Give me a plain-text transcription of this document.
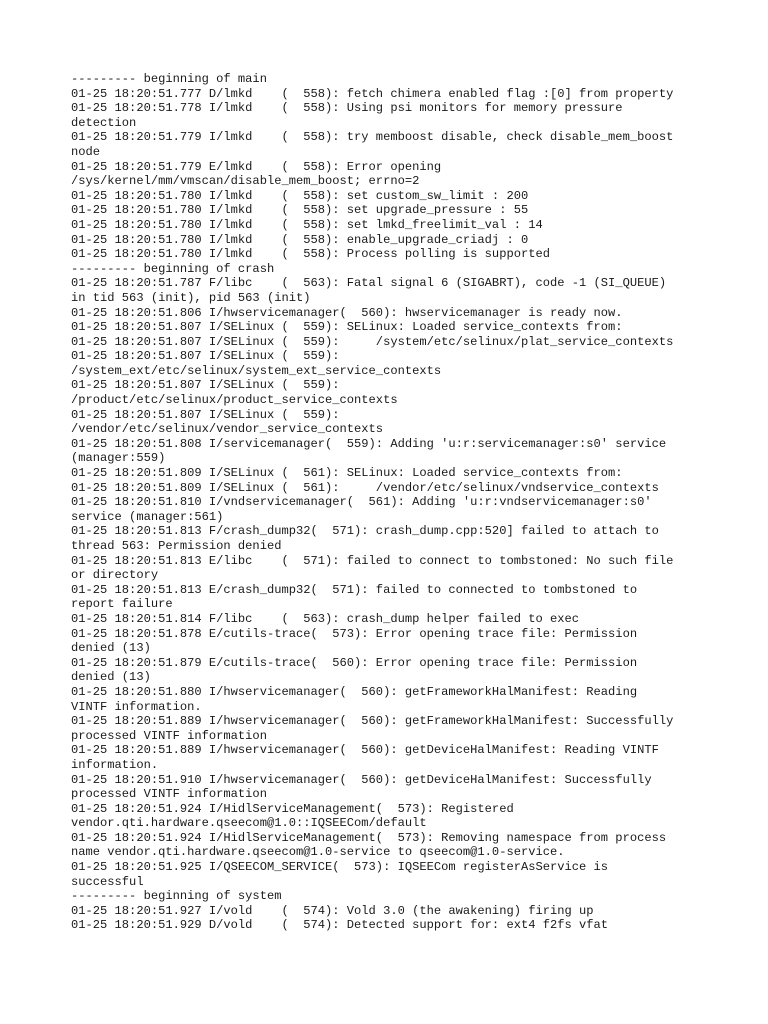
--------- beginning of main
01-25 18:20:51.777 D/lmkd    (  558): fetch chimera enabled flag :[0] from property
01-25 18:20:51.778 I/lmkd    (  558): Using psi monitors for memory pressure
detection
01-25 18:20:51.779 I/lmkd    (  558): try memboost disable, check disable_mem_boost
node
01-25 18:20:51.779 E/lmkd    (  558): Error opening
/sys/kernel/mm/vmscan/disable_mem_boost; errno=2
01-25 18:20:51.780 I/lmkd    (  558): set custom_sw_limit : 200
01-25 18:20:51.780 I/lmkd    (  558): set upgrade_pressure : 55
01-25 18:20:51.780 I/lmkd    (  558): set lmkd_freelimit_val : 14
01-25 18:20:51.780 I/lmkd    (  558): enable_upgrade_criadj : 0
01-25 18:20:51.780 I/lmkd    (  558): Process polling is supported
--------- beginning of crash
01-25 18:20:51.787 F/libc    (  563): Fatal signal 6 (SIGABRT), code -1 (SI_QUEUE)
in tid 563 (init), pid 563 (init)
01-25 18:20:51.806 I/hwservicemanager(  560): hwservicemanager is ready now.
01-25 18:20:51.807 I/SELinux (  559): SELinux: Loaded service_contexts from:
01-25 18:20:51.807 I/SELinux (  559):     /system/etc/selinux/plat_service_contexts
01-25 18:20:51.807 I/SELinux (  559):
/system_ext/etc/selinux/system_ext_service_contexts
01-25 18:20:51.807 I/SELinux (  559):
/product/etc/selinux/product_service_contexts
01-25 18:20:51.807 I/SELinux (  559):
/vendor/etc/selinux/vendor_service_contexts
01-25 18:20:51.808 I/servicemanager(  559): Adding 'u:r:servicemanager:s0' service
(manager:559)
01-25 18:20:51.809 I/SELinux (  561): SELinux: Loaded service_contexts from:
01-25 18:20:51.809 I/SELinux (  561):     /vendor/etc/selinux/vndservice_contexts
01-25 18:20:51.810 I/vndservicemanager(  561): Adding 'u:r:vndservicemanager:s0'
service (manager:561)
01-25 18:20:51.813 F/crash_dump32(  571): crash_dump.cpp:520] failed to attach to
thread 563: Permission denied
01-25 18:20:51.813 E/libc    (  571): failed to connect to tombstoned: No such file
or directory
01-25 18:20:51.813 E/crash_dump32(  571): failed to connected to tombstoned to
report failure
01-25 18:20:51.814 F/libc    (  563): crash_dump helper failed to exec
01-25 18:20:51.878 E/cutils-trace(  573): Error opening trace file: Permission
denied (13)
01-25 18:20:51.879 E/cutils-trace(  560): Error opening trace file: Permission
denied (13)
01-25 18:20:51.880 I/hwservicemanager(  560): getFrameworkHalManifest: Reading
VINTF information.
01-25 18:20:51.889 I/hwservicemanager(  560): getFrameworkHalManifest: Successfully
processed VINTF information
01-25 18:20:51.889 I/hwservicemanager(  560): getDeviceHalManifest: Reading VINTF
information.
01-25 18:20:51.910 I/hwservicemanager(  560): getDeviceHalManifest: Successfully
processed VINTF information
01-25 18:20:51.924 I/HidlServiceManagement(  573): Registered
vendor.qti.hardware.qseecom@1.0::IQSEECom/default
01-25 18:20:51.924 I/HidlServiceManagement(  573): Removing namespace from process
name vendor.qti.hardware.qseecom@1.0-service to qseecom@1.0-service.
01-25 18:20:51.925 I/QSEECOM_SERVICE(  573): IQSEECom registerAsService is
successful
--------- beginning of system
01-25 18:20:51.927 I/vold    (  574): Vold 3.0 (the awakening) firing up
01-25 18:20:51.929 D/vold    (  574): Detected support for: ext4 f2fs vfat
